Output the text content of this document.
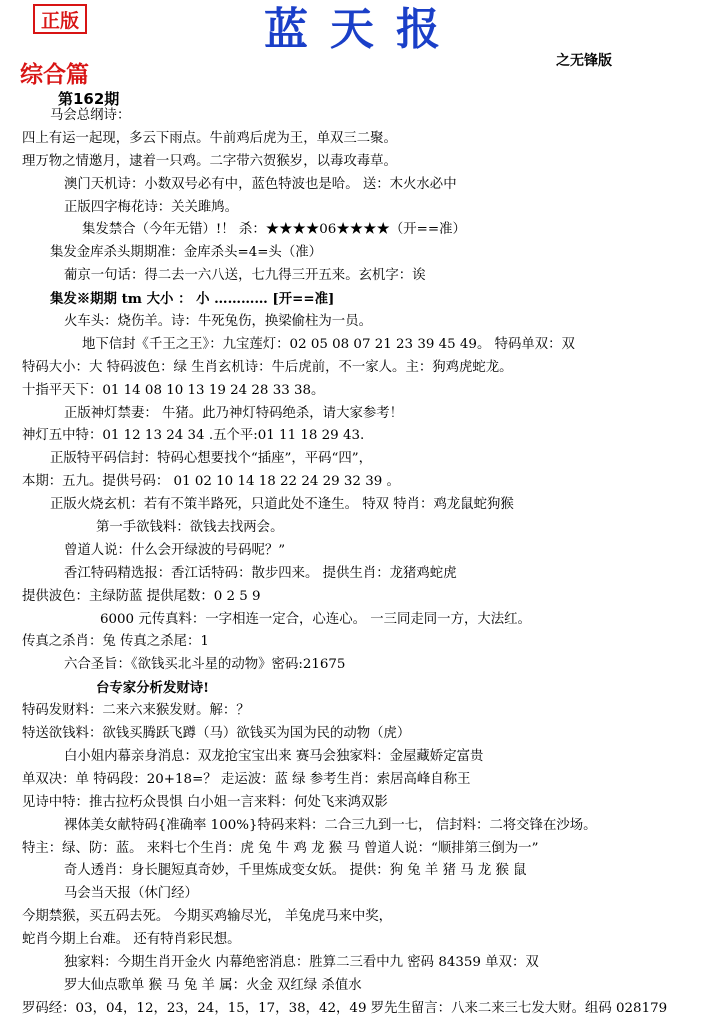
正版	蓝天报
之无锋版
综合篇
第162期
马会总纲诗：
四上有运一起现，多云下雨点。牛前鸡后虎为王，单双三二聚。
理万物之情邀月，逮着一只鸡。二字带六贺猴岁，以毒攻毒草。
澳门天机诗：小数双号必有中，蓝色特波也是哈。 送：木火水必中
正版四字梅花诗：关关雎鸠。
集发禁合（今年无错）!！ 杀：★★★★06★★★★（开==准）
集发金库杀头期期准：金库杀头=4=头（准）
葡京一句话：得二去一六八送，七九得三开五来。玄机字：诶
集发※期期 tm 大小 ： 小 ………… [开==准]
火车头：烧伤羊。诗：牛死兔伤，换梁偷柱为一员。
地下信封《千王之王》：九宝莲灯：02 05 08 07 21 23 39 45 49。 特码单双：双
特码大小：大 特码波色：绿 生肖玄机诗：牛后虎前，不一家人。主：狗鸡虎蛇龙。
十指平天下：01 14 08 10 13 19 24 28 33 38。
正版神灯禁妻： 牛猪。此乃神灯特码绝杀，请大家参考！
神灯五中特：01 12 13 24 34 .五个平:01 11 18 29 43.
正版特平码信封：特码心想要找个“插座”，平码“四”，
本期：五九。提供号码： 01 02 10 14 18 22 24 29 32 39 。
正版火烧玄机：若有不策半路死，只道此处不逢生。 特双 特肖：鸡龙鼠蛇狗猴
第一手欲钱料：欲钱去找两会。
曾道人说：什么会开绿波的号码呢？”
香江特码精选报：香江话特码：散步四来。 提供生肖：龙猪鸡蛇虎
提供波色：主绿防蓝 提供尾数：0 2 5 9
6000 元传真料：一字相连一定合，心连心。 一三同走同一方，大法红。
传真之杀肖：兔 传真之杀尾：1
六合圣旨：《欲钱买北斗星的动物》密码:21675
台专家分析发财诗!
特码发财料：二来六来猴发财。解：？
特送欲钱料：欲钱买腾跃飞蹲（马）欲钱买为国为民的动物（虎）
白小姐内幕亲身消息：双龙抢宝宝出来 赛马会独家料：金屋藏娇定富贵
单双决：单 特码段：20+18=？ 走运波：蓝 绿 参考生肖：索居高峰自称王
见诗中特：推古拉朽众畏惧 白小姐一言来料：何处飞来鸿双影
裸体美女献特码{准确率 100%}特码来料：二合三九到一七， 信封料：二将交锋在沙场。
特主：绿、防：蓝。 来料七个生肖：虎 兔 牛 鸡 龙 猴 马 曾道人说：“顺排第三倒为一”
奇人透肖：身长腿短真奇妙，千里炼成变女妖。 提供：狗 兔 羊 猪 马 龙 猴 鼠
马会当天报（休门经）
今期禁猴，买五码去死。 今期买鸡输尽光， 羊兔虎马来中奖，
蛇肖今期上台难。 还有特肖彩民想。
独家料：今期生肖开金火 内幕绝密消息：胜算二三看中九 密码 84359 单双：双
罗大仙点歌单 猴 马 兔 羊 属：火金 双红绿 杀值水
罗码经：03，04，12，23，24，15，17，38，42，49 罗先生留言：八来二来三七发大财。组码 028179
